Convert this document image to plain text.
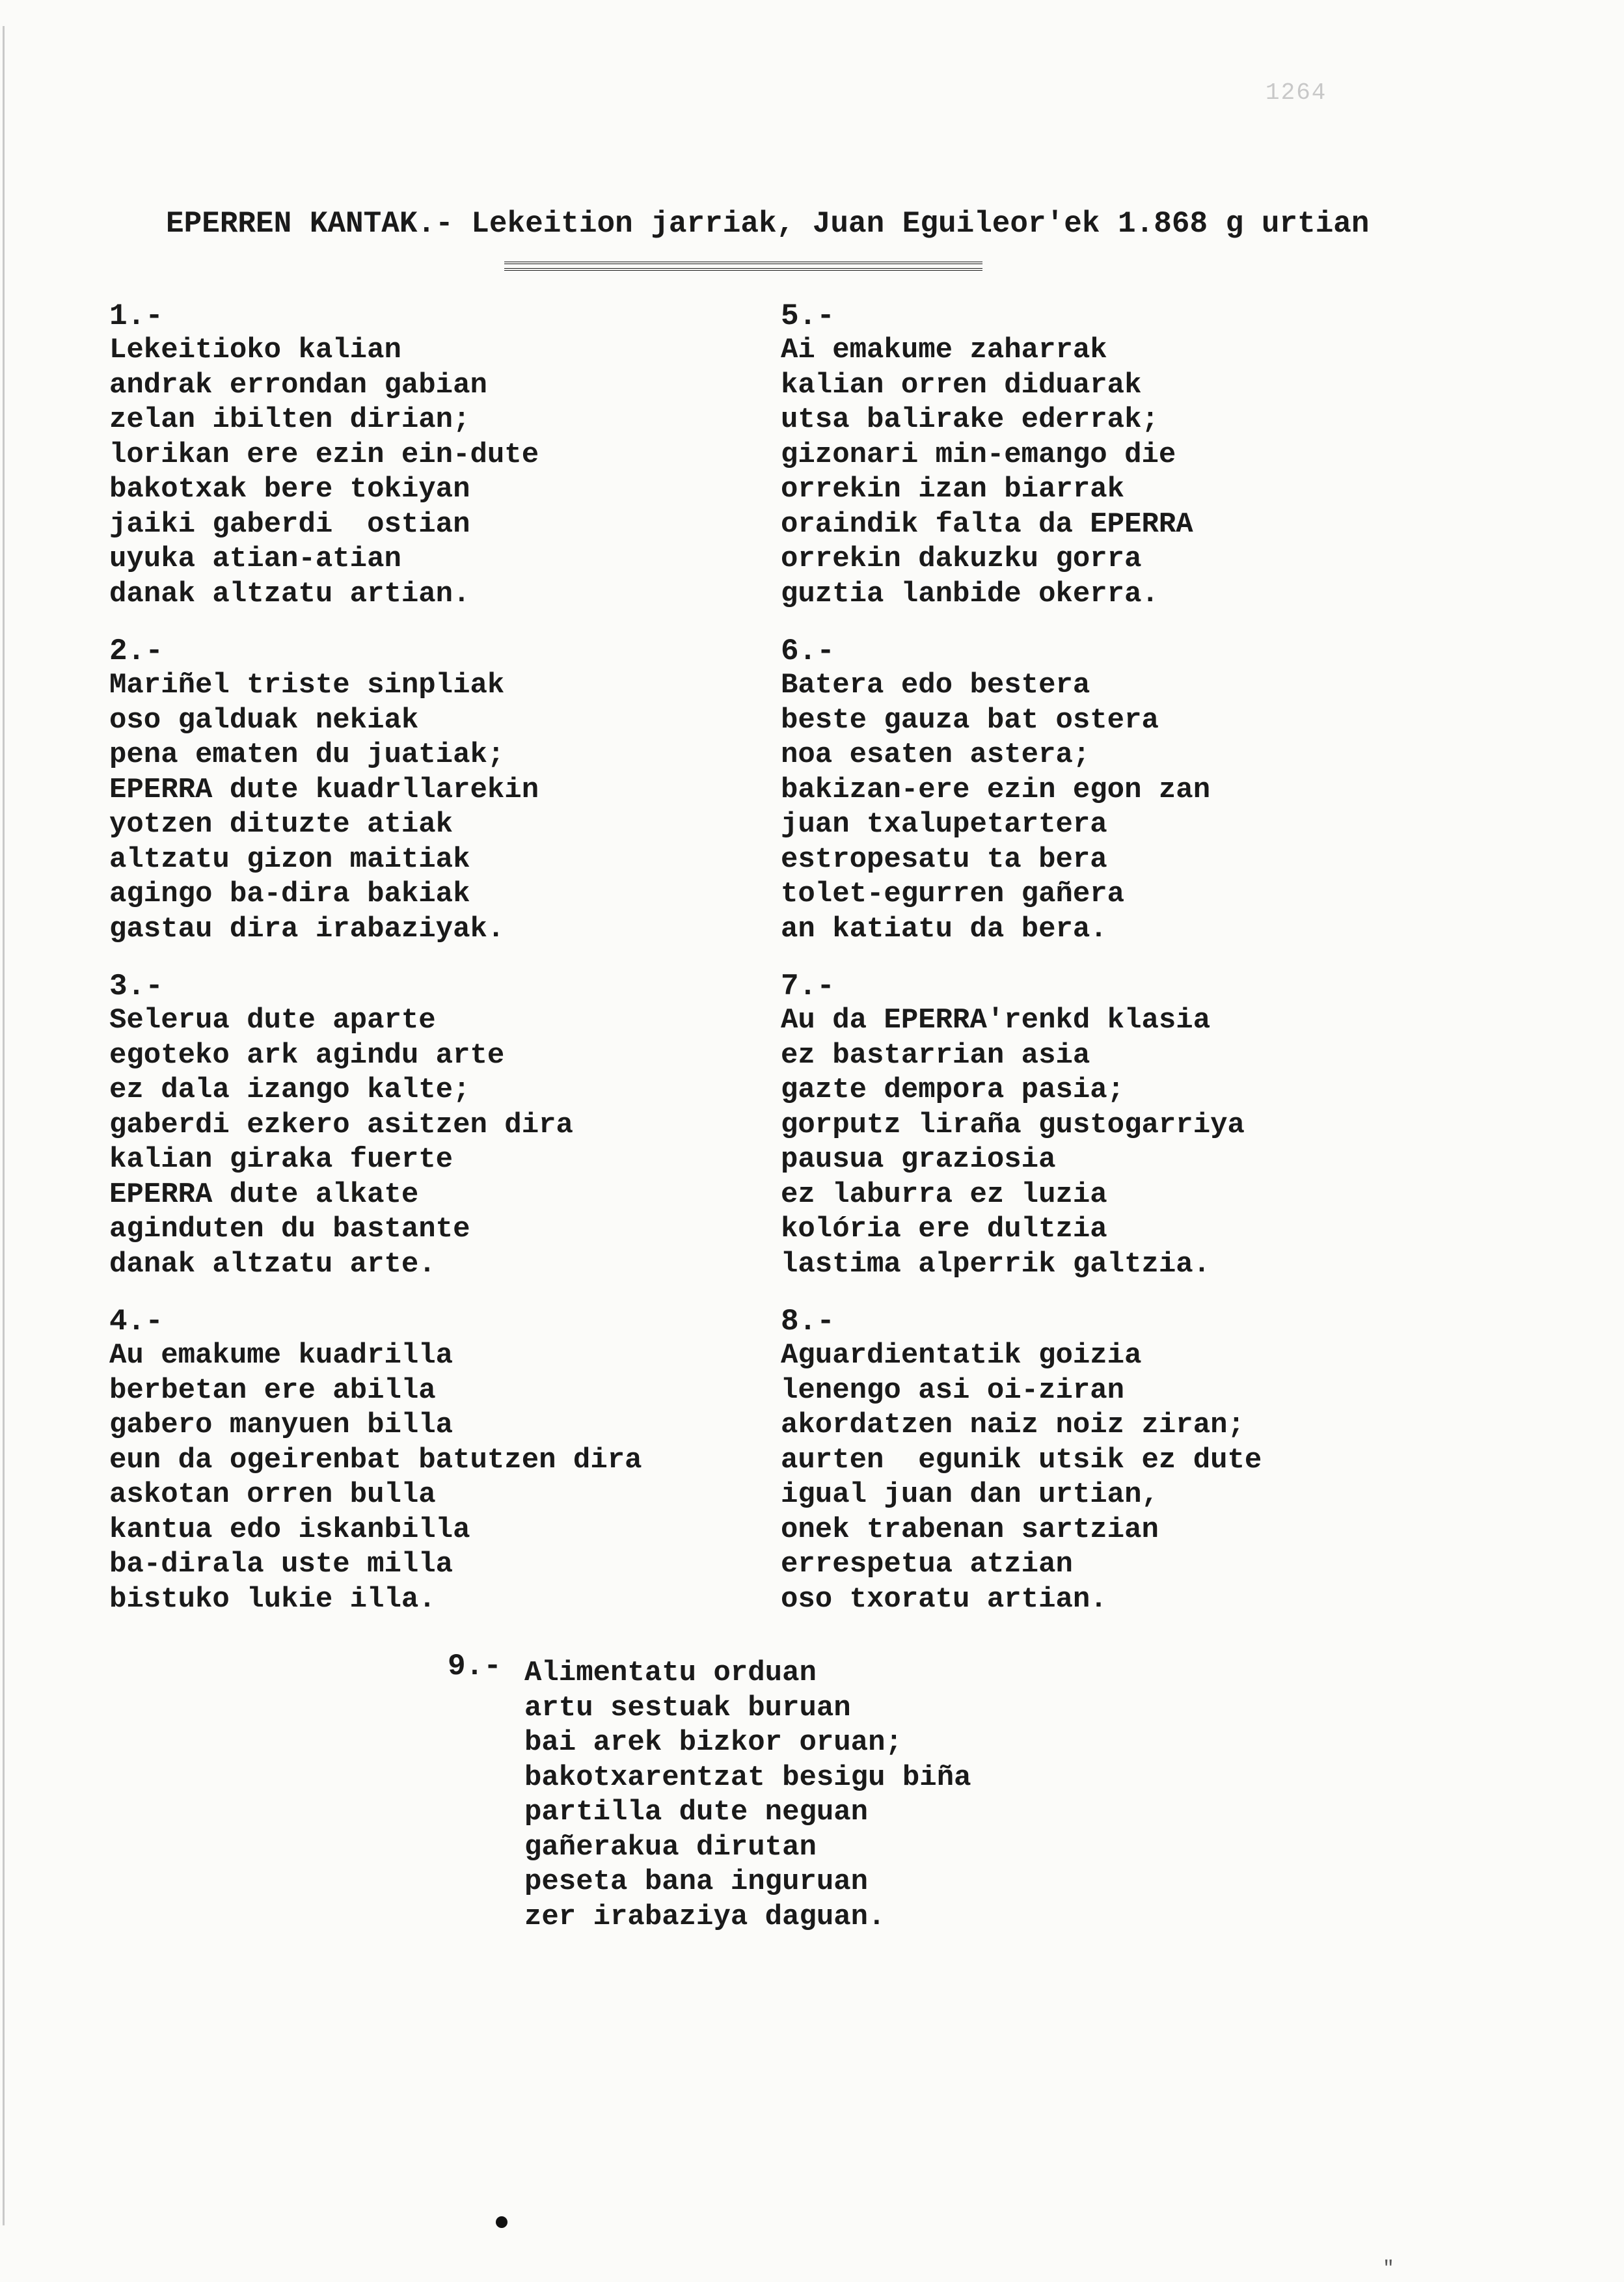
1264
EPERREN KANTAK.- Lekeition jarriak, Juan Eguileor'ek 1.868 g urtian
1.-
Lekeitioko kalian
andrak errondan gabian
zelan ibilten dirian;
lorikan ere ezin ein-dute
bakotxak bere tokiyan
jaiki gaberdi  ostian
uyuka atian-atian
danak altzatu artian.
2.-
Mariñel triste sinpliak
oso galduak nekiak
pena ematen du juatiak;
EPERRA dute kuadrllarekin
yotzen dituzte atiak
altzatu gizon maitiak
agingo ba-dira bakiak
gastau dira irabaziyak.
3.-
Selerua dute aparte
egoteko ark agindu arte
ez dala izango kalte;
gaberdi ezkero asitzen dira
kalian giraka fuerte
EPERRA dute alkate
aginduten du bastante
danak altzatu arte.
4.-
Au emakume kuadrilla
berbetan ere abilla
gabero manyuen billa
eun da ogeirenbat batutzen dira
askotan orren bulla
kantua edo iskanbilla
ba-dirala uste milla
bistuko lukie illa.
5.-
Ai emakume zaharrak
kalian orren diduarak
utsa balirake ederrak;
gizonari min-emango die
orrekin izan biarrak
oraindik falta da EPERRA
orrekin dakuzku gorra
guztia lanbide okerra.
6.-
Batera edo bestera
beste gauza bat ostera
noa esaten astera;
bakizan-ere ezin egon zan
juan txalupetartera
estropesatu ta bera
tolet-egurren gañera
an katiatu da bera.
7.-
Au da EPERRA'renkd klasia
ez bastarrian asia
gazte dempora pasia;
gorputz liraña gustogarriya
pausua graziosia
ez laburra ez luzia
kolória ere dultzia
lastima alperrik galtzia.
8.-
Aguardientatik goizia
lenengo asi oi-ziran
akordatzen naiz noiz ziran;
aurten  egunik utsik ez dute
igual juan dan urtian,
onek trabenan sartzian
errespetua atzian
oso txoratu artian.
9.- Alimentatu orduan
artu sestuak buruan
bai arek bizkor oruan;
bakotxarentzat besigu biña
partilla dute neguan
gañerakua dirutan
peseta bana inguruan
zer irabaziya daguan.
"
